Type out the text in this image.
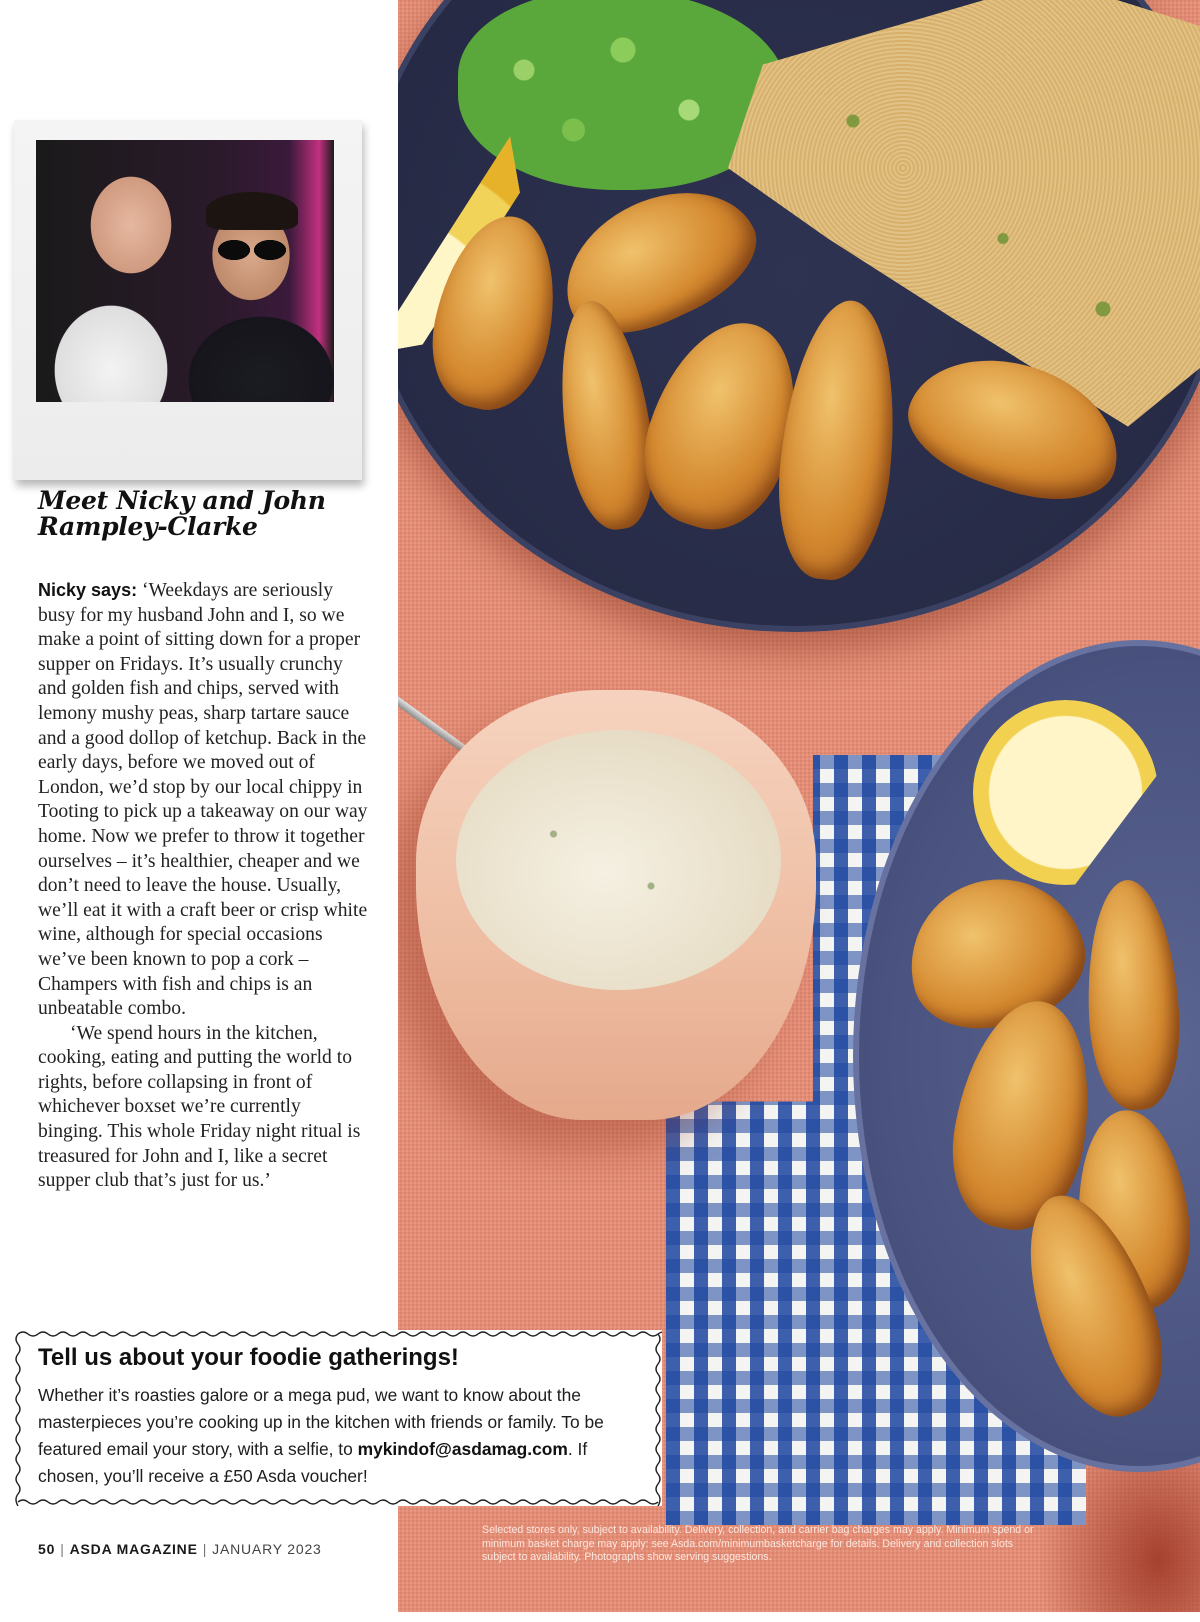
Meet Nicky and John Rampley-Clarke

Nicky says: ‘Weekdays are seriously busy for my husband John and I, so we make a point of sitting down for a proper supper on Fridays. It’s usually crunchy and golden fish and chips, served with lemony mushy peas, sharp tartare sauce and a good dollop of ketchup. Back in the early days, before we moved out of London, we’d stop by our local chippy in Tooting to pick up a takeaway on our way home. Now we prefer to throw it together ourselves – it’s healthier, cheaper and we don’t need to leave the house. Usually, we’ll eat it with a craft beer or crisp white wine, although for special occasions we’ve been known to pop a cork – Champers with fish and chips is an unbeatable combo.

‘We spend hours in the kitchen, cooking, eating and putting the world to rights, before collapsing in front of whichever boxset we’re currently binging. This whole Friday night ritual is treasured for John and I, like a secret supper club that’s just for us.’

Tell us about your foodie gatherings!
Whether it’s roasties galore or a mega pud, we want to know about the masterpieces you’re cooking up in the kitchen with friends or family. To be featured email your story, with a selfie, to mykindof@asdamag.com. If chosen, you’ll receive a £50 Asda voucher!
50 | ASDA MAGAZINE | JANUARY 2023
Selected stores only, subject to availability. Delivery, collection, and carrier bag charges may apply. Minimum spend or minimum basket charge may apply: see Asda.com/minimumbasketcharge for details. Delivery and collection slots subject to availability. Photographs show serving suggestions.
